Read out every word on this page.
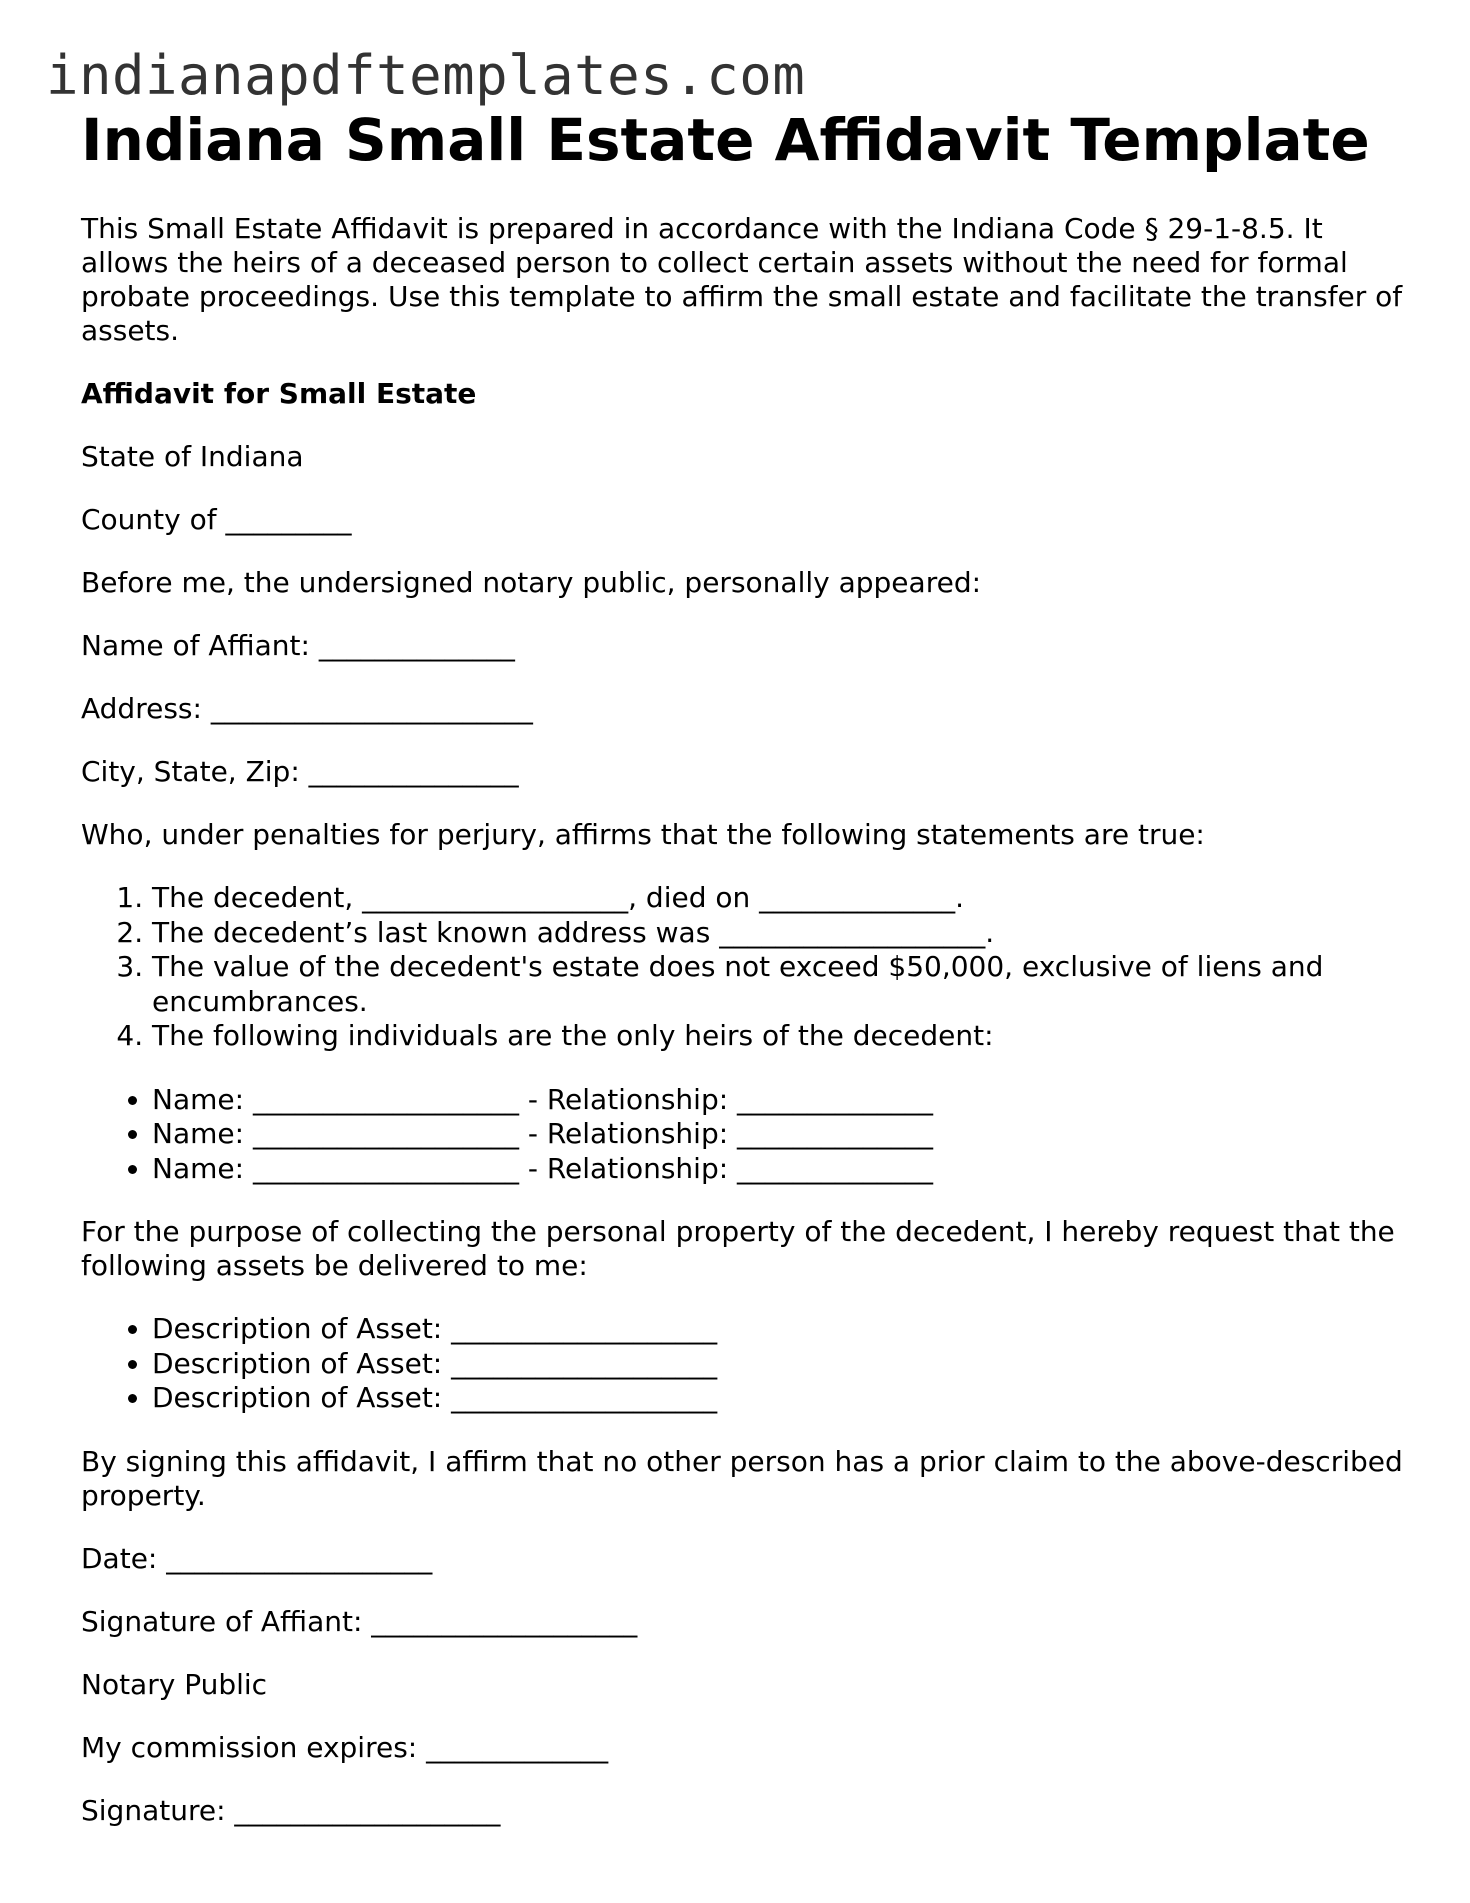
indianapdftemplates.com
Indiana Small Estate Affidavit Template

This Small Estate Affidavit is prepared in accordance with the Indiana Code § 29-1-8.5. It allows the heirs of a deceased person to collect certain assets without the need for formal probate proceedings. Use this template to affirm the small estate and facilitate the transfer of assets.

Affidavit for Small Estate

State of Indiana

County of _________

Before me, the undersigned notary public, personally appeared:

Name of Affiant: ______________

Address: _______________________

City, State, Zip: _______________

Who, under penalties for perjury, affirms that the following statements are true:

1. The decedent, ___________________, died on ______________.
2. The decedent’s last known address was ___________________.
3. The value of the decedent's estate does not exceed $50,000, exclusive of liens and encumbrances.
4. The following individuals are the only heirs of the decedent:
• Name: ___________________ - Relationship: ______________
• Name: ___________________ - Relationship: ______________
• Name: ___________________ - Relationship: ______________

For the purpose of collecting the personal property of the decedent, I hereby request that the following assets be delivered to me:

• Description of Asset: ___________________
• Description of Asset: ___________________
• Description of Asset: ___________________

By signing this affidavit, I affirm that no other person has a prior claim to the above-described property.

Date: ___________________

Signature of Affiant: ___________________

Notary Public

My commission expires: _____________

Signature: ___________________
